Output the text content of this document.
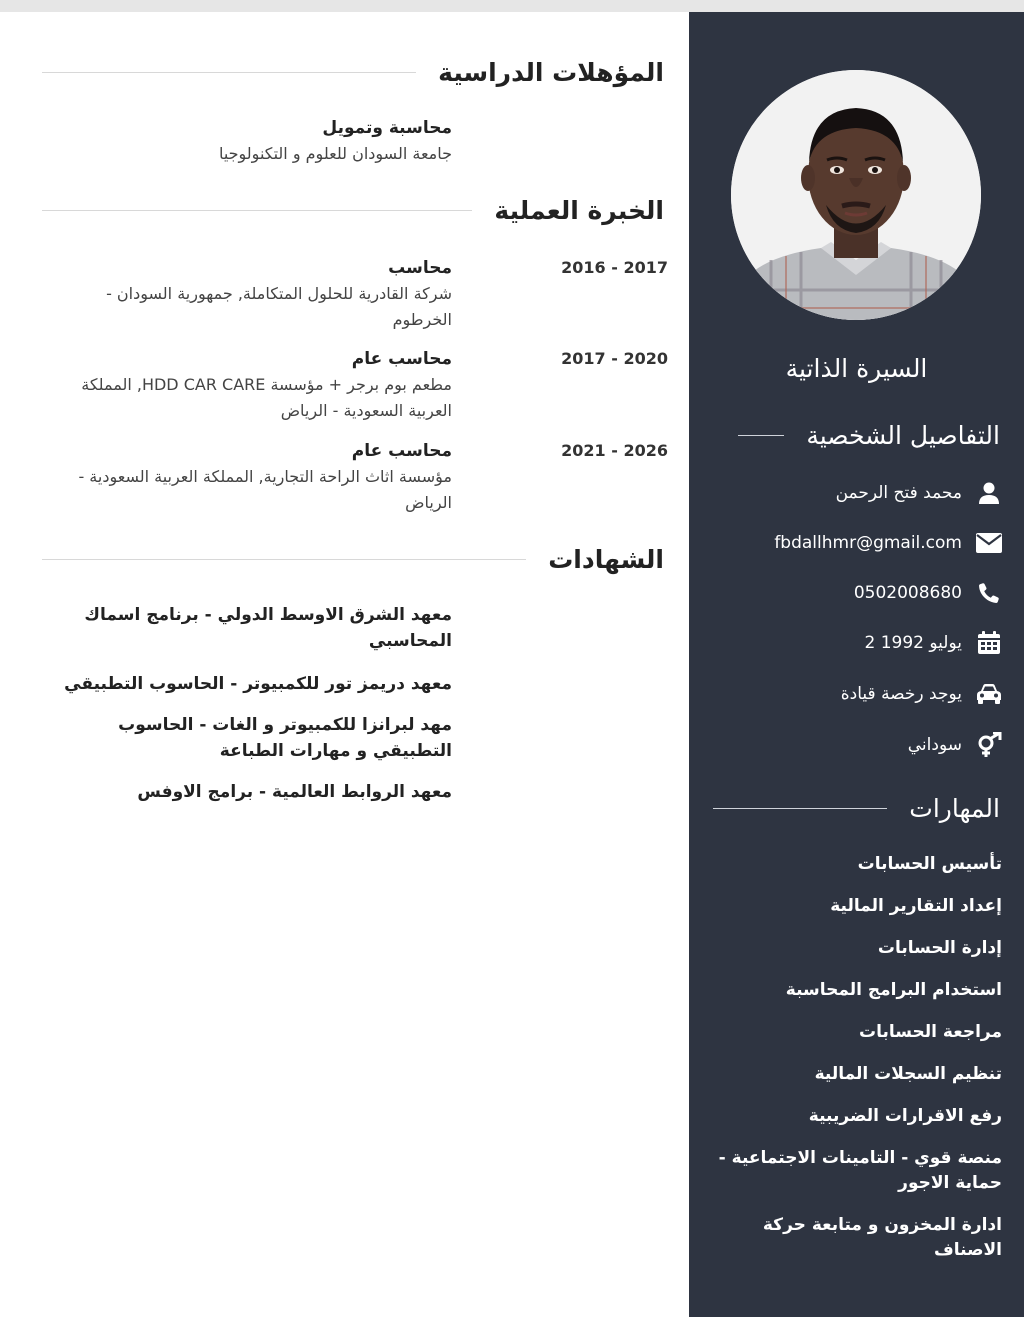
المؤهلات الدراسية
محاسبة وتمويل
جامعة السودان للعلوم و التكنولوجيا
الخبرة العملية
2016 - 2017
محاسب
شركة القادرية للحلول المتكاملة, جمهورية السودان - الخرطوم
2017 - 2020
محاسب عام
مطعم بوم برجر + مؤسسة HDD CAR CARE, المملكة العربية السعودية - الرياض
2021 - 2026
محاسب عام
مؤسسة اثاث الراحة التجارية, المملكة العربية السعودية - الرياض
الشهادات
معهد الشرق الاوسط الدولي - برنامج اسماك المحاسبي
معهد دريمز تور للكمبيوتر - الحاسوب التطبيقي
مهد لبرانزا للكمبيوتر و الغات - الحاسوب التطبيقي و مهارات الطباعة
معهد الروابط العالمية - برامج الاوفس
السيرة الذاتية
التفاصيل الشخصية
محمد فتح الرحمن
fbdallhmr@gmail.com
0502008680
2 يوليو 1992
يوجد رخصة قيادة
سوداني
المهارات
تأسيس الحسابات
إعداد التقارير المالية
إدارة الحسابات
استخدام البرامج المحاسبة
مراجعة الحسابات
تنظيم السجلات المالية
رفع الاقرارات الضريبية
منصة قوي - التامينات الاجتماعية - حماية الاجور
ادارة المخزون و متابعة حركة الاصناف
